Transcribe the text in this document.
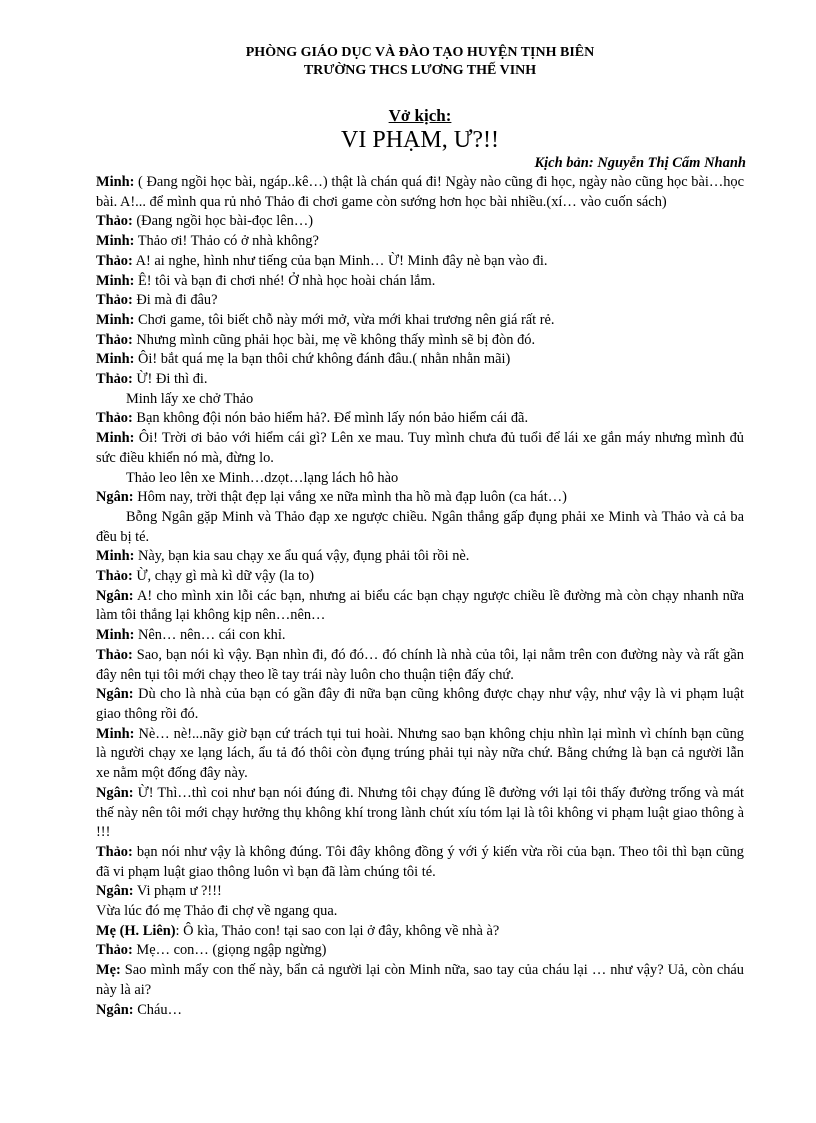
PHÒNG GIÁO DỤC VÀ ĐÀO TẠO HUYỆN TỊNH BIÊN
TRƯỜNG THCS LƯƠNG THẾ VINH
Vở kịch:
VI PHẠM, Ư?!!
Kịch bản: Nguyễn Thị Cẩm Nhanh

Minh: ( Đang ngồi học bài, ngáp..kê…) thật là chán quá đi! Ngày nào cũng đi học, ngày nào cũng học bài…học bài. A!... để mình qua rủ nhỏ Thảo đi chơi game còn sướng hơn học bài nhiều.(xí… vào cuốn sách)

Thảo: (Đang ngồi học bài-đọc lên…)

Minh: Thảo ơi! Thảo có ở nhà không?

Thảo: A! ai nghe, hình như tiếng của bạn Minh… Ừ! Minh đây nè bạn vào đi.

Minh: Ê! tôi và bạn đi chơi nhé! Ở nhà học hoài chán lắm.

Thảo: Đi mà đi đâu?

Minh: Chơi game, tôi biết chỗ này mới mở, vừa mới khai trương nên giá rất rẻ.

Thảo: Nhưng mình cũng phải học bài, mẹ về không thấy mình sẽ bị đòn đó.

Minh: Ôi! bắt quá mẹ la bạn thôi chứ không đánh đâu.( nhằn nhằn mãi)

Thảo: Ừ! Đi thì đi.

Minh lấy xe chở Thảo

Thảo: Bạn không đội nón bảo hiểm hả?. Để mình lấy nón bảo hiểm cái đã.

Minh: Ôi! Trời ơi bảo với hiểm cái gì? Lên xe mau. Tuy mình chưa đủ tuổi để lái xe gắn máy nhưng mình đủ sức điều khiển nó mà, đừng lo.

Thảo leo lên xe Minh…dzọt…lạng lách hô hào

Ngân: Hôm nay, trời thật đẹp lại vắng xe nữa mình tha hồ mà đạp luôn (ca hát…)

Bỗng Ngân gặp Minh và Thảo đạp xe ngược chiều. Ngân thắng gấp đụng phải xe Minh và Thảo và cả ba đều bị té.

Minh: Này, bạn kia sau chạy xe ẩu quá vậy, đụng phải tôi rồi nè.

Thảo: Ừ, chạy gì mà kì dữ vậy (la to)

Ngân: A! cho mình xin lỗi các bạn, nhưng ai biểu các bạn chạy ngược chiều lề đường mà còn chạy nhanh nữa làm tôi thắng lại không kịp nên…nên…

Minh: Nên… nên… cái con khỉ.

Thảo: Sao, bạn nói kì vậy. Bạn nhìn đi, đó đó… đó chính là nhà của tôi, lại nằm trên con đường này và rất gần đây nên tụi tôi mới chạy theo lề tay trái này luôn cho thuận tiện đấy chứ.

Ngân: Dù cho là nhà của bạn có gần đây đi nữa bạn cũng không được chạy như vậy, như vậy là vi phạm luật giao thông rồi đó.

Minh: Nè… nè!...nãy giờ bạn cứ trách tụi tui hoài. Nhưng sao bạn không chịu nhìn lại mình vì chính bạn cũng là người chạy xe lạng lách, ẩu tả đó thôi còn đụng trúng phải tụi này nữa chứ. Bằng chứng là bạn cả người lẫn xe nằm một đống đây này.

Ngân: Ừ! Thì…thì coi như bạn nói đúng đi. Nhưng tôi chạy đúng lề đường với lại tôi thấy đường trống và mát thế này nên tôi mới chạy hưởng thụ không khí trong lành chút xíu tóm lại là tôi không vi phạm luật giao thông à !!!

Thảo: bạn nói như vậy là không đúng. Tôi đây không đồng ý với ý kiến vừa rồi của bạn. Theo tôi thì bạn cũng đã vi phạm luật giao thông luôn vì bạn đã làm chúng tôi té.

Ngân: Vi phạm ư ?!!!

Vừa lúc đó mẹ Thảo đi chợ về ngang qua.

Mẹ (H. Liên): Ô kìa, Thảo con! tại sao con lại ở đây, không về nhà à?

Thảo: Mẹ… con… (giọng ngập ngừng)

Mẹ: Sao mình mẩy con thế này, bẩn cả người lại còn Minh nữa, sao tay của cháu lại … như vậy? Uả, còn cháu này là ai?

Ngân: Cháu…
